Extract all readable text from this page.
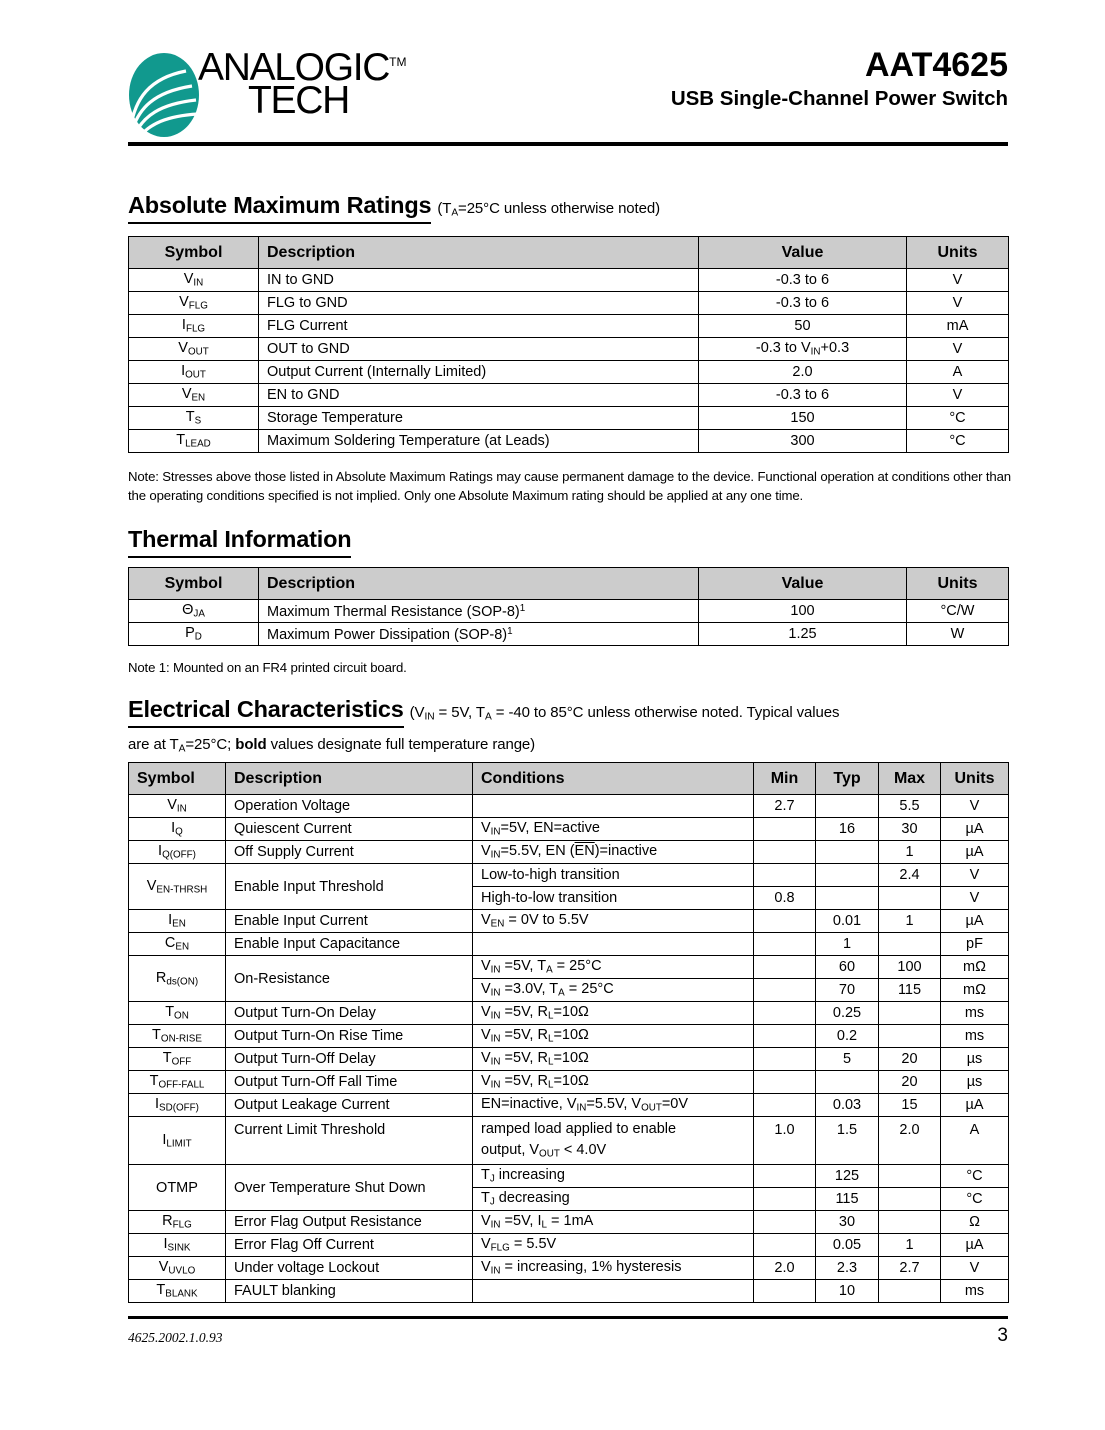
ANALOGIC™
TECH
AAT4625
USB Single-Channel Power Switch
Absolute Maximum Ratings ($T_A=25^\circ C$ unless otherwise noted)
Symbol	Description	Value	Units
$V_{IN}$	IN to GND	-0.3 to 6	V
$V_{FLG}$	FLG to GND	-0.3 to 6	V
$I_{FLG}$	FLG Current	50	mA
$V_{OUT}$	OUT to GND	-0.3 to $V_{IN}+0.3$	V
$I_{OUT}$	Output Current (Internally Limited)	2.0	A
$V_{EN}$	EN to GND	-0.3 to 6	V
$T_S$	Storage Temperature	150	°C
$T_{LEAD}$	Maximum Soldering Temperature (at Leads)	300	°C
Note: Stresses above those listed in Absolute Maximum Ratings may cause permanent damage to the device. Functional operation at conditions other than the operating conditions specified is not implied. Only one Absolute Maximum rating should be applied at any one time.
Thermal Information
Symbol	Description	Value	Units
$\Theta_{JA}$	Maximum Thermal Resistance $(SOP-8)^1$	100	°C/W
$P_D$	Maximum Power Dissipation $(SOP-8)^1$	1.25	W
Note 1: Mounted on an FR4 printed circuit board.
Electrical Characteristics ($V_{IN} = 5V$, $T_A = -40$ to 85°C unless otherwise noted. Typical values
are at $T_A=25^\circ C$; bold values designate full temperature range)
Symbol	Description	Conditions	Min	Typ	Max	Units
$V_{IN}$	Operation Voltage		2.7		5.5	V
$I_Q$	Quiescent Current	$V_{IN}=5V$, EN=active		16	30	µA
$I_{Q(OFF)}$	Off Supply Current	$V_{IN}=5.5V$, EN $(\overline{EN})=inactive$			1	µA
$V_{EN-THRSH}$	Enable Input Threshold	Low-to-high transition			2.4	V
		High-to-low transition	0.8			V
$I_{EN}$	Enable Input Current	$V_{EN} = 0V$ to 5.5V		0.01	1	µA
$C_{EN}$	Enable Input Capacitance			1		pF
$R_{ds(ON)}$	On-Resistance	$V_{IN} =5V$, $T_A = 25^\circ C$		60	100	mΩ
		$V_{IN} =3.0V$, $T_A = 25^\circ C$		70	115	mΩ
$T_{ON}$	Output Turn-On Delay	$V_{IN} =5V$, $R_L=10\Omega$		0.25		ms
$T_{ON-RISE}$	Output Turn-On Rise Time	$V_{IN} =5V$, $R_L=10\Omega$		0.2		ms
$T_{OFF}$	Output Turn-Off Delay	$V_{IN} =5V$, $R_L=10\Omega$		5	20	µs
$T_{OFF-FALL}$	Output Turn-Off Fall Time	$V_{IN} =5V$, $R_L=10\Omega$			20	µs
$I_{SD(OFF)}$	Output Leakage Current	EN=inactive, $V_{IN}=5.5V$, $V_{OUT}=0V$		0.03	15	µA
$I_{LIMIT}$	Current Limit Threshold	ramped load applied to enable
output, $V_{OUT} < 4.0V$	1.0	1.5	2.0	A
OTMP	Over Temperature Shut Down	$T_J$ increasing		125		°C
		$T_J$ decreasing		115		°C
$R_{FLG}$	Error Flag Output Resistance	$V_{IN} =5V$, $I_L = 1mA$		30		Ω
$I_{SINK}$	Error Flag Off Current	$V_{FLG} = 5.5V$		0.05	1	µA
$V_{UVLO}$	Under voltage Lockout	$V_{IN}$ = increasing, 1% hysteresis	2.0	2.3	2.7	V
$T_{BLANK}$	FAULT blanking			10		ms
4625.2002.1.0.93	3
